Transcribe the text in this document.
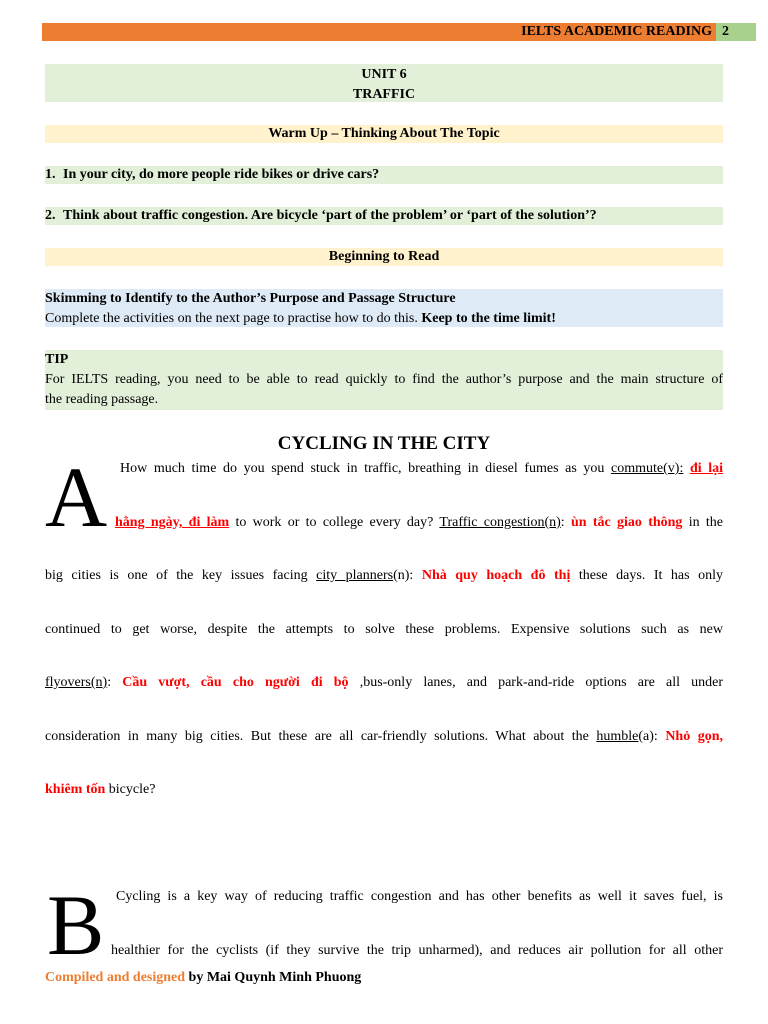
IELTS ACADEMIC READING 2
UNIT 6
TRAFFIC
Warm Up – Thinking About The Topic
1. In your city, do more people ride bikes or drive cars?
2. Think about traffic congestion. Are bicycle ‘part of the problem’ or ‘part of the solution’?
Beginning to Read
Skimming to Identify to the Author’s Purpose and Passage Structure
Complete the activities on the next page to practise how to do this. Keep to the time limit!
TIP
For IELTS reading, you need to be able to read quickly to find the author’s purpose and the main structure of
the reading passage.
CYCLING IN THE CITY
A How much time do you spend stuck in traffic, breathing in diesel fumes as you commute(v): đi lại
hằng ngày, đi làm to work or to college every day? Traffic congestion(n): ùn tắc giao thông in the
big cities is one of the key issues facing city planners(n): Nhà quy hoạch đô thị these days. It has only
continued to get worse, despite the attempts to solve these problems. Expensive solutions such as new
flyovers(n): Cầu vượt, cầu cho người đi bộ ,bus-only lanes, and park-and-ride options are all under
consideration in many big cities. But these are all car-friendly solutions. What about the humble(a): Nhỏ gọn,
khiêm tốn bicycle?
B Cycling is a key way of reducing traffic congestion and has other benefits as well it saves fuel, is
healthier for the cyclists (if they survive the trip unharmed), and reduces air pollution for all other
Compiled and designed by Mai Quynh Minh Phuong
